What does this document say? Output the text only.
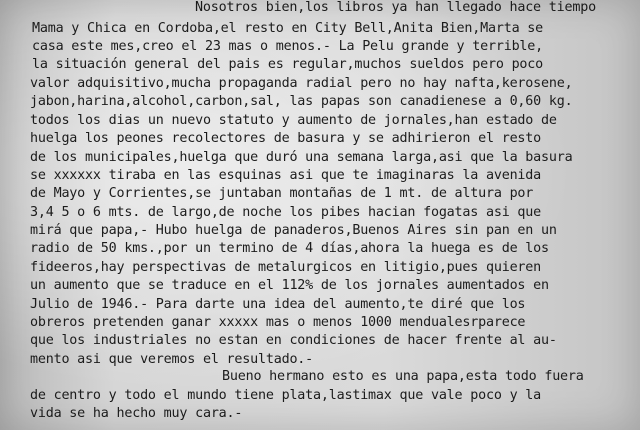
Nosotros bien,los libros ya han llegado hace tiempo
Mama y Chica en Cordoba,el resto en City Bell,Anita Bien,Marta se
casa este mes,creo el 23 mas o menos.- La Pelu grande y terrible,
la situación general del pais es regular,muchos sueldos pero poco
valor adquisitivo,mucha propaganda radial pero no hay nafta,kerosene,
jabon,harina,alcohol,carbon,sal, las papas son canadienese a 0,60 kg.
todos los dias un nuevo statuto y aumento de jornales,han estado de
huelga los peones recolectores de basura y se adhirieron el resto
de los municipales,huelga que duró una semana larga,asi que la basura
se xxxxxx tiraba en las esquinas asi que te imaginaras la avenida
de Mayo y Corrientes,se juntaban montañas de 1 mt. de altura por
3,4 5 o 6 mts. de largo,de noche los pibes hacian fogatas asi que
mirá que papa,- Hubo huelga de panaderos,Buenos Aires sin pan en un
radio de 50 kms.,por un termino de 4 días,ahora la huega es de los
fideeros,hay perspectivas de metalurgicos en litigio,pues quieren
un aumento que se traduce en el 112% de los jornales aumentados en
Julio de 1946.- Para darte una idea del aumento,te diré que los
obreros pretenden ganar xxxxx mas o menos 1000 mendualesrparece
que los industriales no estan en condiciones de hacer frente al au-
mento asi que veremos el resultado.-
Bueno hermano esto es una papa,esta todo fuera
de centro y todo el mundo tiene plata,lastimax que vale poco y la
vida se ha hecho muy cara.-
